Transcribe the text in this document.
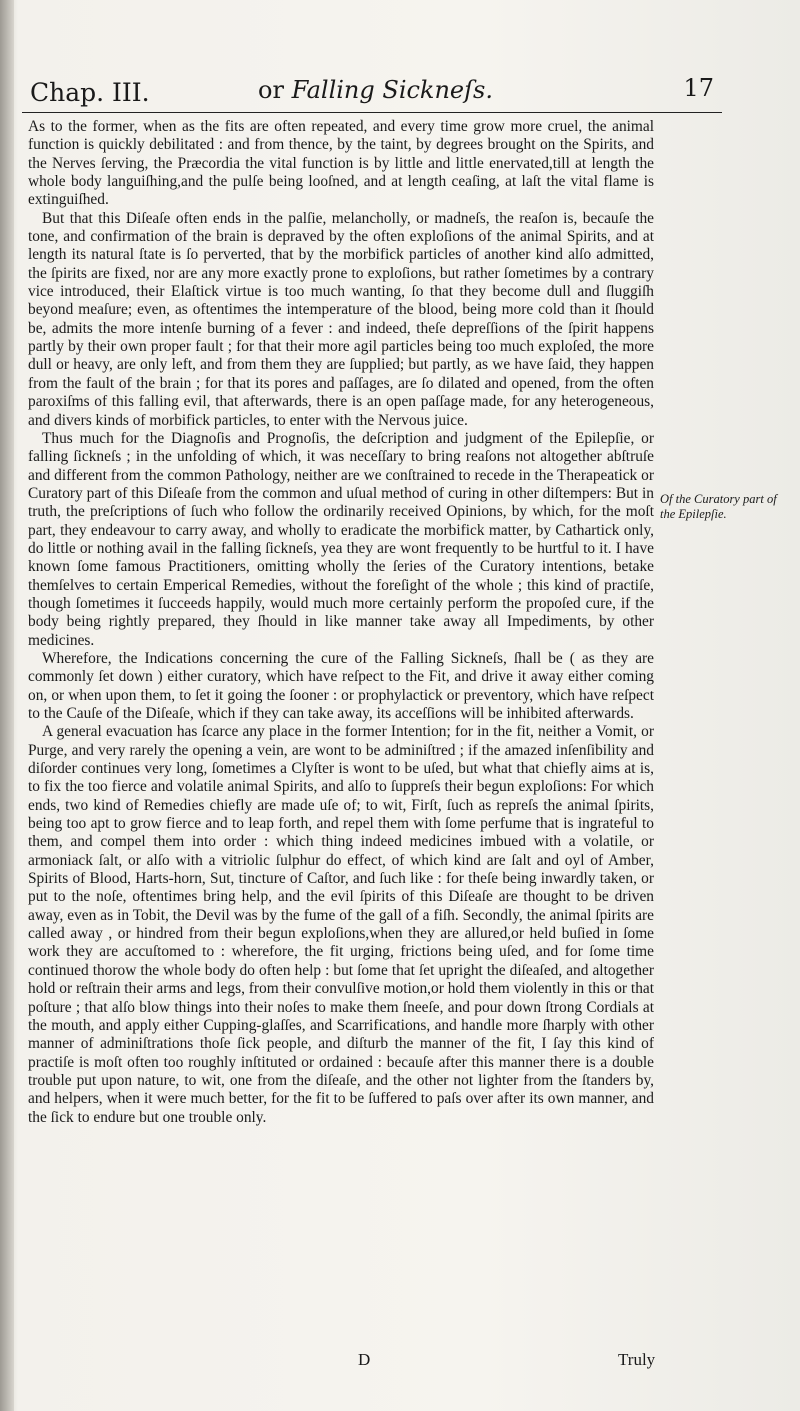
Chap. III.	or Falling Sickneſs.	17

As to the former, when as the fits are often repeated, and every time grow more cruel, the animal function is quickly debilitated : and from thence, by the taint, by degrees brought on the Spirits, and the Nerves ſerving, the Præcordia the vital function is by little and little enervated,till at length the whole body languiſhing,and the pulſe being looſned, and at length ceaſing, at laſt the vital flame is extinguiſhed.

But that this Diſeaſe often ends in the palſie, melancholly, or madneſs, the reaſon is, becauſe the tone, and confirmation of the brain is depraved by the often exploſions of the animal Spirits, and at length its natural ſtate is ſo perverted, that by the morbifick particles of another kind alſo admitted, the ſpirits are fixed, nor are any more exactly prone to exploſions, but rather ſometimes by a contrary vice introduced, their Elaſtick virtue is too much wanting, ſo that they become dull and ſluggiſh beyond meaſure; even, as oftentimes the intemperature of the blood, being more cold than it ſhould be, admits the more intenſe burning of a fever : and indeed, theſe depreſſions of the ſpirit happens partly by their own proper fault ; for that their more agil particles being too much exploſed, the more dull or heavy, are only left, and from them they are ſupplied; but partly, as we have ſaid, they happen from the fault of the brain ; for that its pores and paſſages, are ſo dilated and opened, from the often paroxiſms of this falling evil, that afterwards, there is an open paſſage made, for any heterogeneous, and divers kinds of morbifick particles, to enter with the Nervous juice.

Thus much for the Diagnoſis and Prognoſis, the deſcription and judgment of the Epilepſie, or falling ſickneſs ; in the unfolding of which, it was neceſſary to bring reaſons not altogether abſtruſe and different from the common Pathology, neither are we conſtrained to recede in the Therapeatick or Curatory part of this Diſeaſe from the common and uſual method of curing in other diſtempers: But in truth, the preſcriptions of ſuch who follow the ordinarily received Opinions, by which, for the moſt part, they endeavour to carry away, and wholly to eradicate the morbifick matter, by Cathartick only, do little or nothing avail in the falling ſickneſs, yea they are wont frequently to be hurtful to it. I have known ſome famous Practitioners, omitting wholly the ſeries of the Curatory intentions, betake themſelves to certain Emperical Remedies, without the foreſight of the whole ; this kind of practiſe, though ſometimes it ſucceeds happily, would much more certainly perform the propoſed cure, if the body being rightly prepared, they ſhould in like manner take away all Impediments, by other medicines.

Wherefore, the Indications concerning the cure of the Falling Sickneſs, ſhall be ( as they are commonly ſet down ) either curatory, which have reſpect to the Fit, and drive it away either coming on, or when upon them, to ſet it going the ſooner : or prophylactick or preventory, which have reſpect to the Cauſe of the Diſeaſe, which if they can take away, its acceſſions will be inhibited afterwards.

A general evacuation has ſcarce any place in the former Intention; for in the fit, neither a Vomit, or Purge, and very rarely the opening a vein, are wont to be adminiſtred ; if the amazed inſenſibility and diſorder continues very long, ſometimes a Clyſter is wont to be uſed, but what that chiefly aims at is, to fix the too fierce and volatile animal Spirits, and alſo to ſuppreſs their begun exploſions: For which ends, two kind of Remedies chiefly are made uſe of; to wit, Firſt, ſuch as repreſs the animal ſpirits, being too apt to grow fierce and to leap forth, and repel them with ſome perfume that is ingrateful to them, and compel them into order : which thing indeed medicines imbued with a volatile, or armoniack ſalt, or alſo with a vitriolic ſulphur do effect, of which kind are ſalt and oyl of Amber, Spirits of Blood, Harts-horn, Sut, tincture of Caſtor, and ſuch like : for theſe being inwardly taken, or put to the noſe, oftentimes bring help, and the evil ſpirits of this Diſeaſe are thought to be driven away, even as in Tobit, the Devil was by the fume of the gall of a fiſh. Secondly, the animal ſpirits are called away , or hindred from their begun exploſions,when they are allured,or held buſied in ſome work they are accuſtomed to : wherefore, the fit urging, frictions being uſed, and for ſome time continued thorow the whole body do often help : but ſome that ſet upright the diſeaſed, and altogether hold or reſtrain their arms and legs, from their convulſive motion,or hold them violently in this or that poſture ; that alſo blow things into their noſes to make them ſneeſe, and pour down ſtrong Cordials at the mouth, and apply either Cupping-glaſſes, and Scarrifications, and handle more ſharply with other manner of adminiſtrations thoſe ſick people, and diſturb the manner of the fit, I ſay this kind of practiſe is moſt often too roughly inſtituted or ordained : becauſe after this manner there is a double trouble put upon nature, to wit, one from the diſeaſe, and the other not lighter from the ſtanders by, and helpers, when it were much better, for the fit to be ſuffered to paſs over after its own manner, and the ſick to endure but one trouble only.

Of the Curatory part of the Epilepſie.
D	Truly
